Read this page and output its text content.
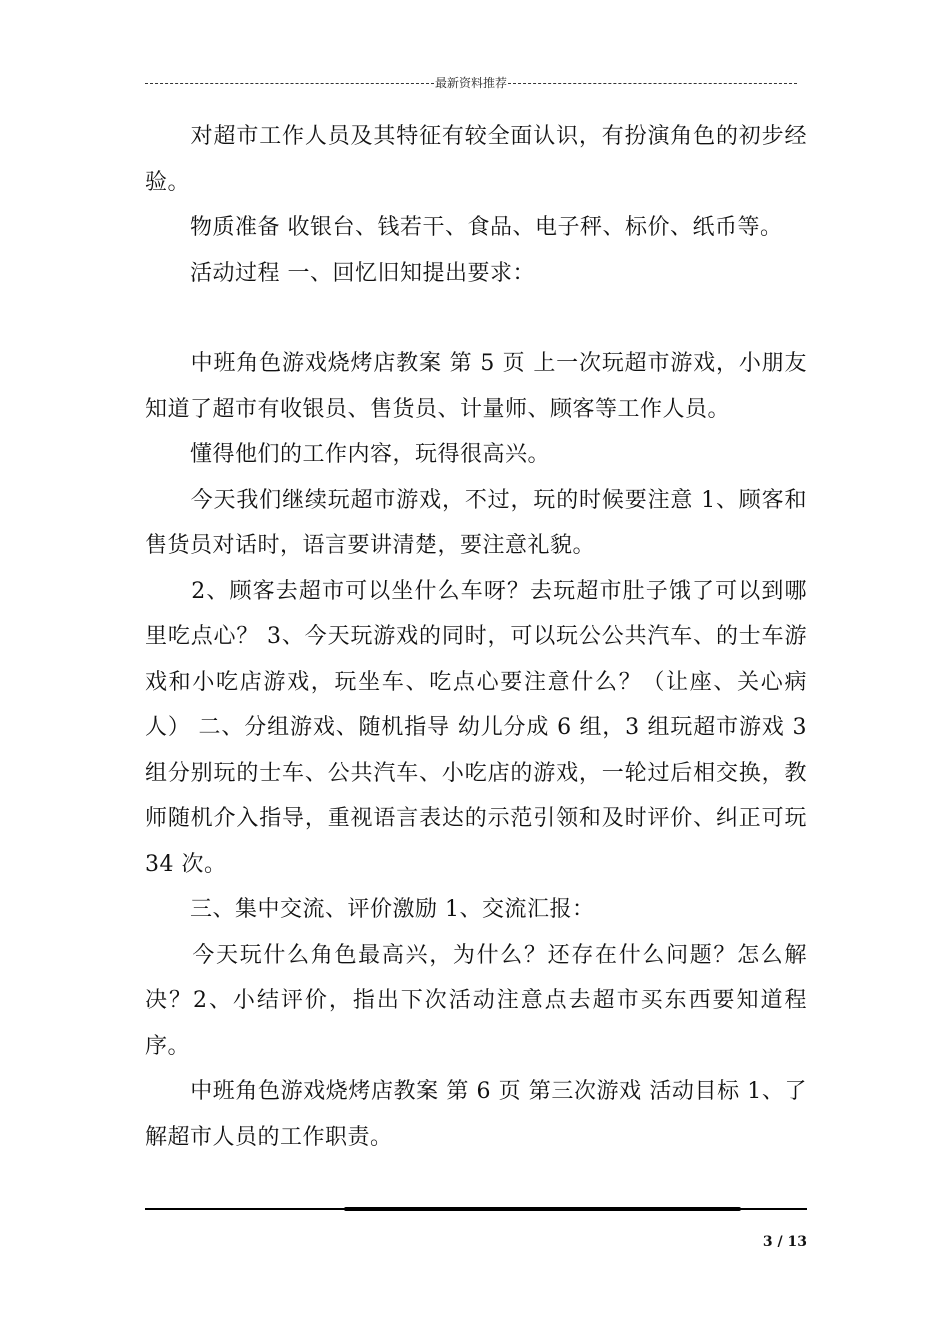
最新资料推荐

　　对超市工作人员及其特征有较全面认识，有扮演角色的初步经验。

　　物质准备 收银台、钱若干、食品、电子秤、标价、纸币等。

　　活动过程 一、回忆旧知提出要求：

　　中班角色游戏烧烤店教案 第 5 页 上一次玩超市游戏，小朋友知道了超市有收银员、售货员、计量师、顾客等工作人员。

　　懂得他们的工作内容，玩得很高兴。

　　今天我们继续玩超市游戏，不过，玩的时候要注意 1、顾客和售货员对话时，语言要讲清楚，要注意礼貌。

　　2、顾客去超市可以坐什么车呀？去玩超市肚子饿了可以到哪里吃点心？ 3、今天玩游戏的同时，可以玩公公共汽车、的士车游戏和小吃店游戏，玩坐车、吃点心要注意什么？（让座、关心病人） 二、分组游戏、随机指导 幼儿分成 6 组，3 组玩超市游戏 3 组分别玩的士车、公共汽车、小吃店的游戏，一轮过后相交换，教师随机介入指导，重视语言表达的示范引领和及时评价、纠正可玩 34 次。

　　三、集中交流、评价激励 1、交流汇报：

　　今天玩什么角色最高兴，为什么？还存在什么问题？怎么解决？2、小结评价，指出下次活动注意点去超市买东西要知道程序。

　　中班角色游戏烧烤店教案 第 6 页 第三次游戏 活动目标 1、了解超市人员的工作职责。

3 / 13
